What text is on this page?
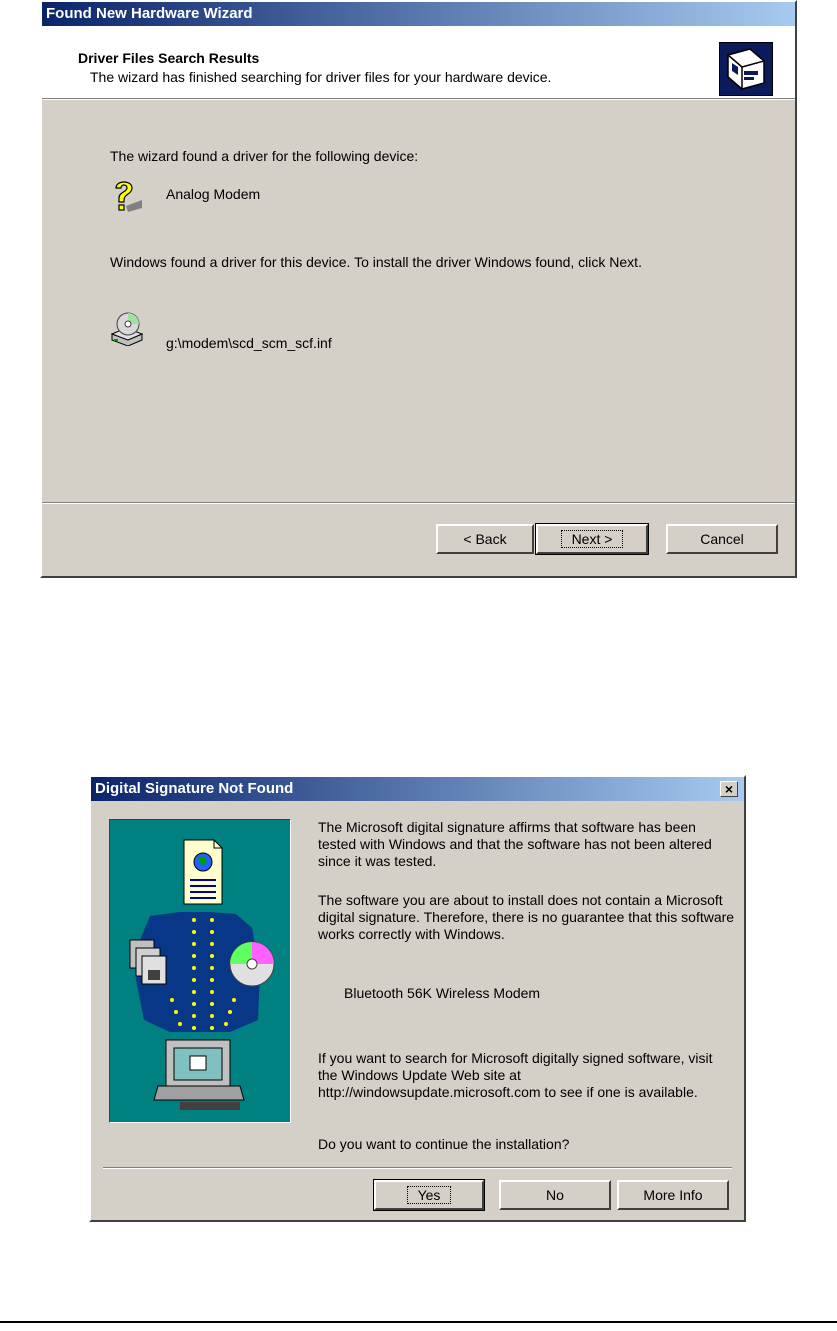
Found New Hardware Wizard
Driver Files Search Results
The wizard has finished searching for driver files for your hardware device.
The wizard found a driver for the following device:
Analog Modem
Windows found a driver for this device. To install the driver Windows found, click Next.
g:\modem\scd_scm_scf.inf
< Back	Next >	Cancel
Digital Signature Not Found	×
The Microsoft digital signature affirms that software has been tested with Windows and that the software has not been altered since it was tested.
The software you are about to install does not contain a Microsoft digital signature. Therefore, there is no guarantee that this software works correctly with Windows.
Bluetooth 56K Wireless Modem
If you want to search for Microsoft digitally signed software, visit the Windows Update Web site at http://windowsupdate.microsoft.com to see if one is available.
Do you want to continue the installation?
Yes	No	More Info
